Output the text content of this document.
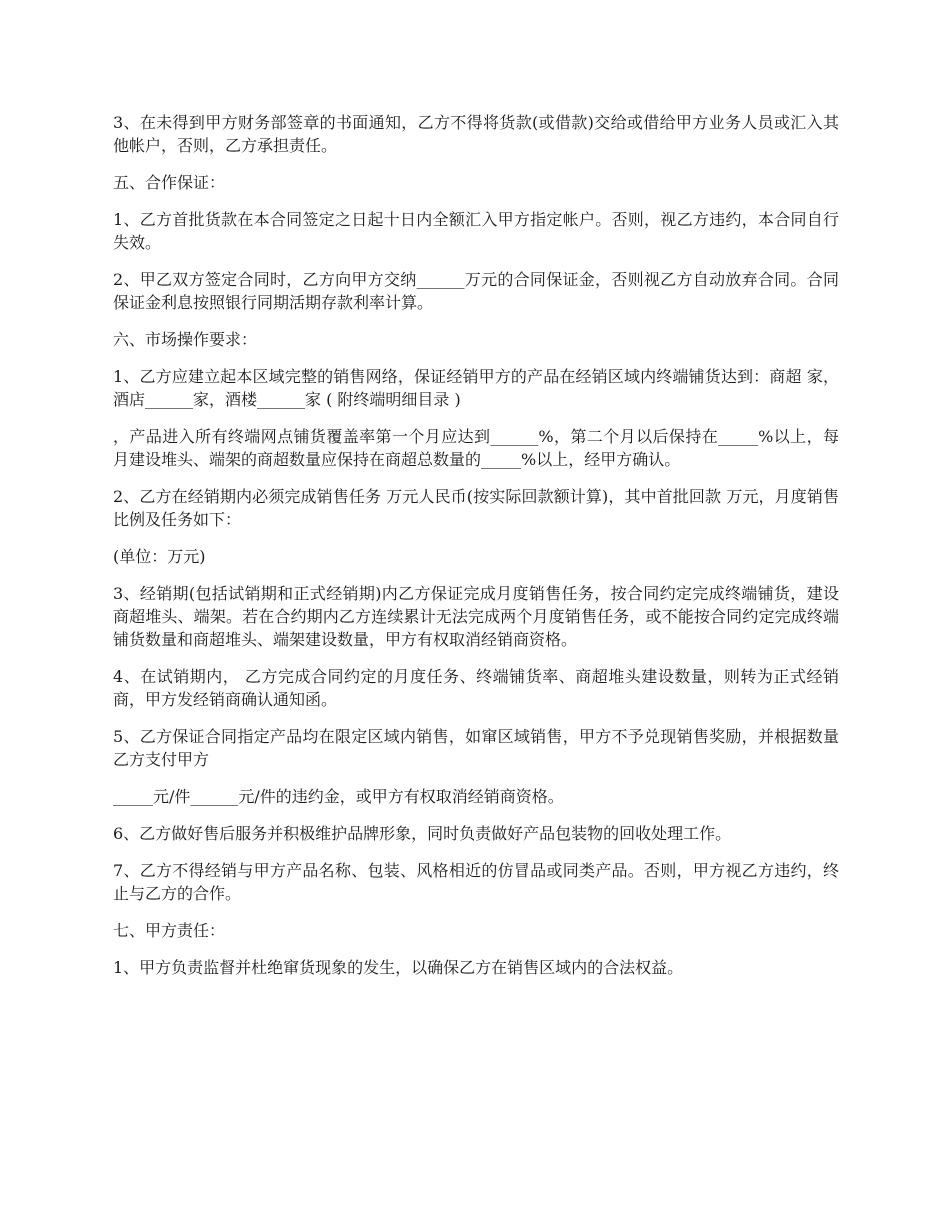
3、在未得到甲方财务部签章的书面通知，乙方不得将货款(或借款)交给或借给甲方业务人员或汇入其他帐户，否则，乙方承担责任。

五、合作保证：

1、乙方首批货款在本合同签定之日起十日内全额汇入甲方指定帐户。否则，视乙方违约，本合同自行失效。

2、甲乙双方签定合同时，乙方向甲方交纳______万元的合同保证金，否则视乙方自动放弃合同。合同保证金利息按照银行同期活期存款利率计算。

六、市场操作要求：

1、乙方应建立起本区域完整的销售网络，保证经销甲方的产品在经销区域内终端铺货达到：商超 家，酒店______家，酒楼______家 ( 附终端明细目录 )

，产品进入所有终端网点铺货覆盖率第一个月应达到______%，第二个月以后保持在_____%以上，每月建设堆头、端架的商超数量应保持在商超总数量的_____%以上，经甲方确认。

2、乙方在经销期内必须完成销售任务 万元人民币(按实际回款额计算)，其中首批回款 万元，月度销售比例及任务如下：

(单位：万元)

3、经销期(包括试销期和正式经销期)内乙方保证完成月度销售任务，按合同约定完成终端铺货，建设商超堆头、端架。若在合约期内乙方连续累计无法完成两个月度销售任务，或不能按合同约定完成终端铺货数量和商超堆头、端架建设数量，甲方有权取消经销商资格。

4、在试销期内， 乙方完成合同约定的月度任务、终端铺货率、商超堆头建设数量，则转为正式经销商，甲方发经销商确认通知函。

5、乙方保证合同指定产品均在限定区域内销售，如窜区域销售，甲方不予兑现销售奖励，并根据数量乙方支付甲方

_____元/件______元/件的违约金，或甲方有权取消经销商资格。

6、乙方做好售后服务并积极维护品牌形象，同时负责做好产品包装物的回收处理工作。

7、乙方不得经销与甲方产品名称、包装、风格相近的仿冒品或同类产品。否则，甲方视乙方违约，终止与乙方的合作。

七、甲方责任：

1、甲方负责监督并杜绝窜货现象的发生，以确保乙方在销售区域内的合法权益。
